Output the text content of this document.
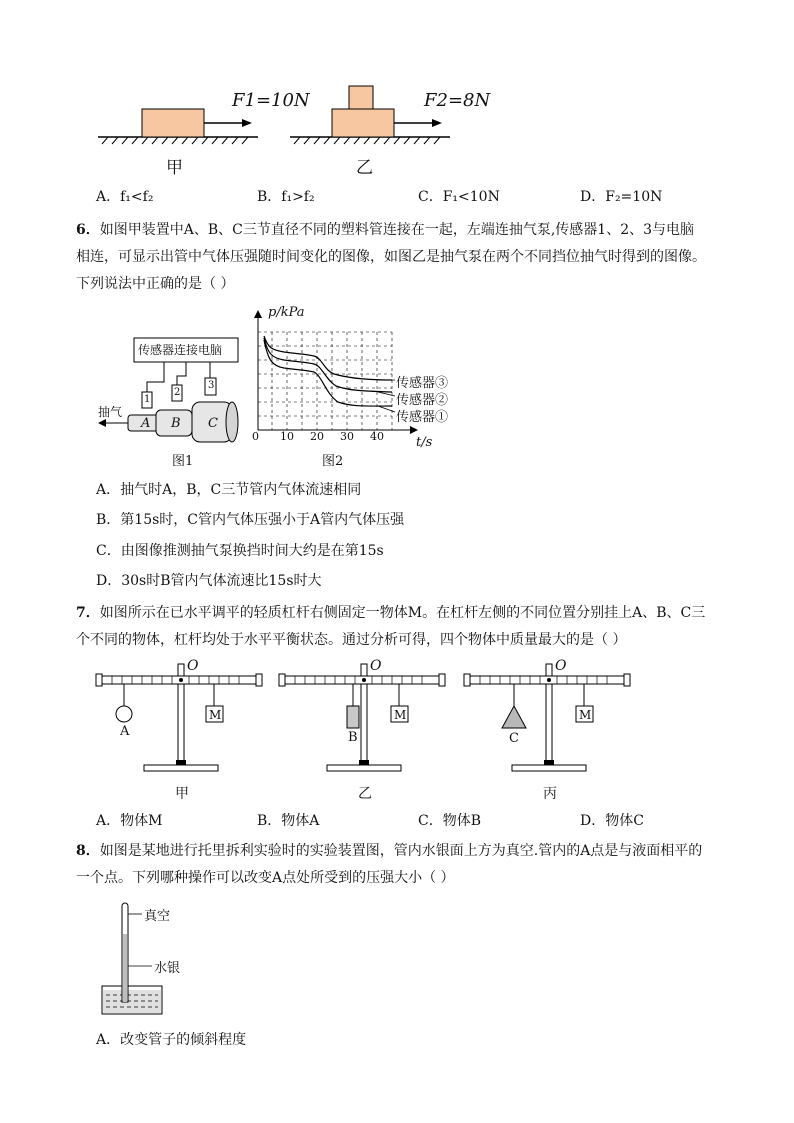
F1=10N	F2=8N
甲	乙
A．f₁<f₂	B．f₁>f₂	C．F₁<10N	D．F₂=10N
6．如图甲装置中A、B、C三节直径不同的塑料管连接在一起，左端连抽气泵,传感器1、2、3与电脑
相连，可显示出管中气体压强随时间变化的图像，如图乙是抽气泵在两个不同挡位抽气时得到的图像。
下列说法中正确的是（ ）
传感器连接电脑
抽气
1
2
3
A B C
图1
p/kPa
t/s
0 10 20 30 40
传感器③
传感器②
传感器①
图2
A．抽气时A，B，C三节管内气体流速相同
B．第15s时，C管内气体压强小于A管内气体压强
C．由图像推测抽气泵换挡时间大约是在第15s
D．30s时B管内气体流速比15s时大
7．如图所示在已水平调平的轻质杠杆右侧固定一物体M。在杠杆左侧的不同位置分别挂上A、B、C三
个不同的物体，杠杆均处于水平平衡状态。通过分析可得，四个物体中质量最大的是（ ）
O	O	O
M	M	M
A	B	C
甲	乙	丙
A．物体M	B．物体A	C．物体B	D．物体C
8．如图是某地进行托里拆利实验时的实验装置图，管内水银面上方为真空.管内的A点是与液面相平的
一个点。下列哪种操作可以改变A点处所受到的压强大小（ ）
真空
水银
A．改变管子的倾斜程度
